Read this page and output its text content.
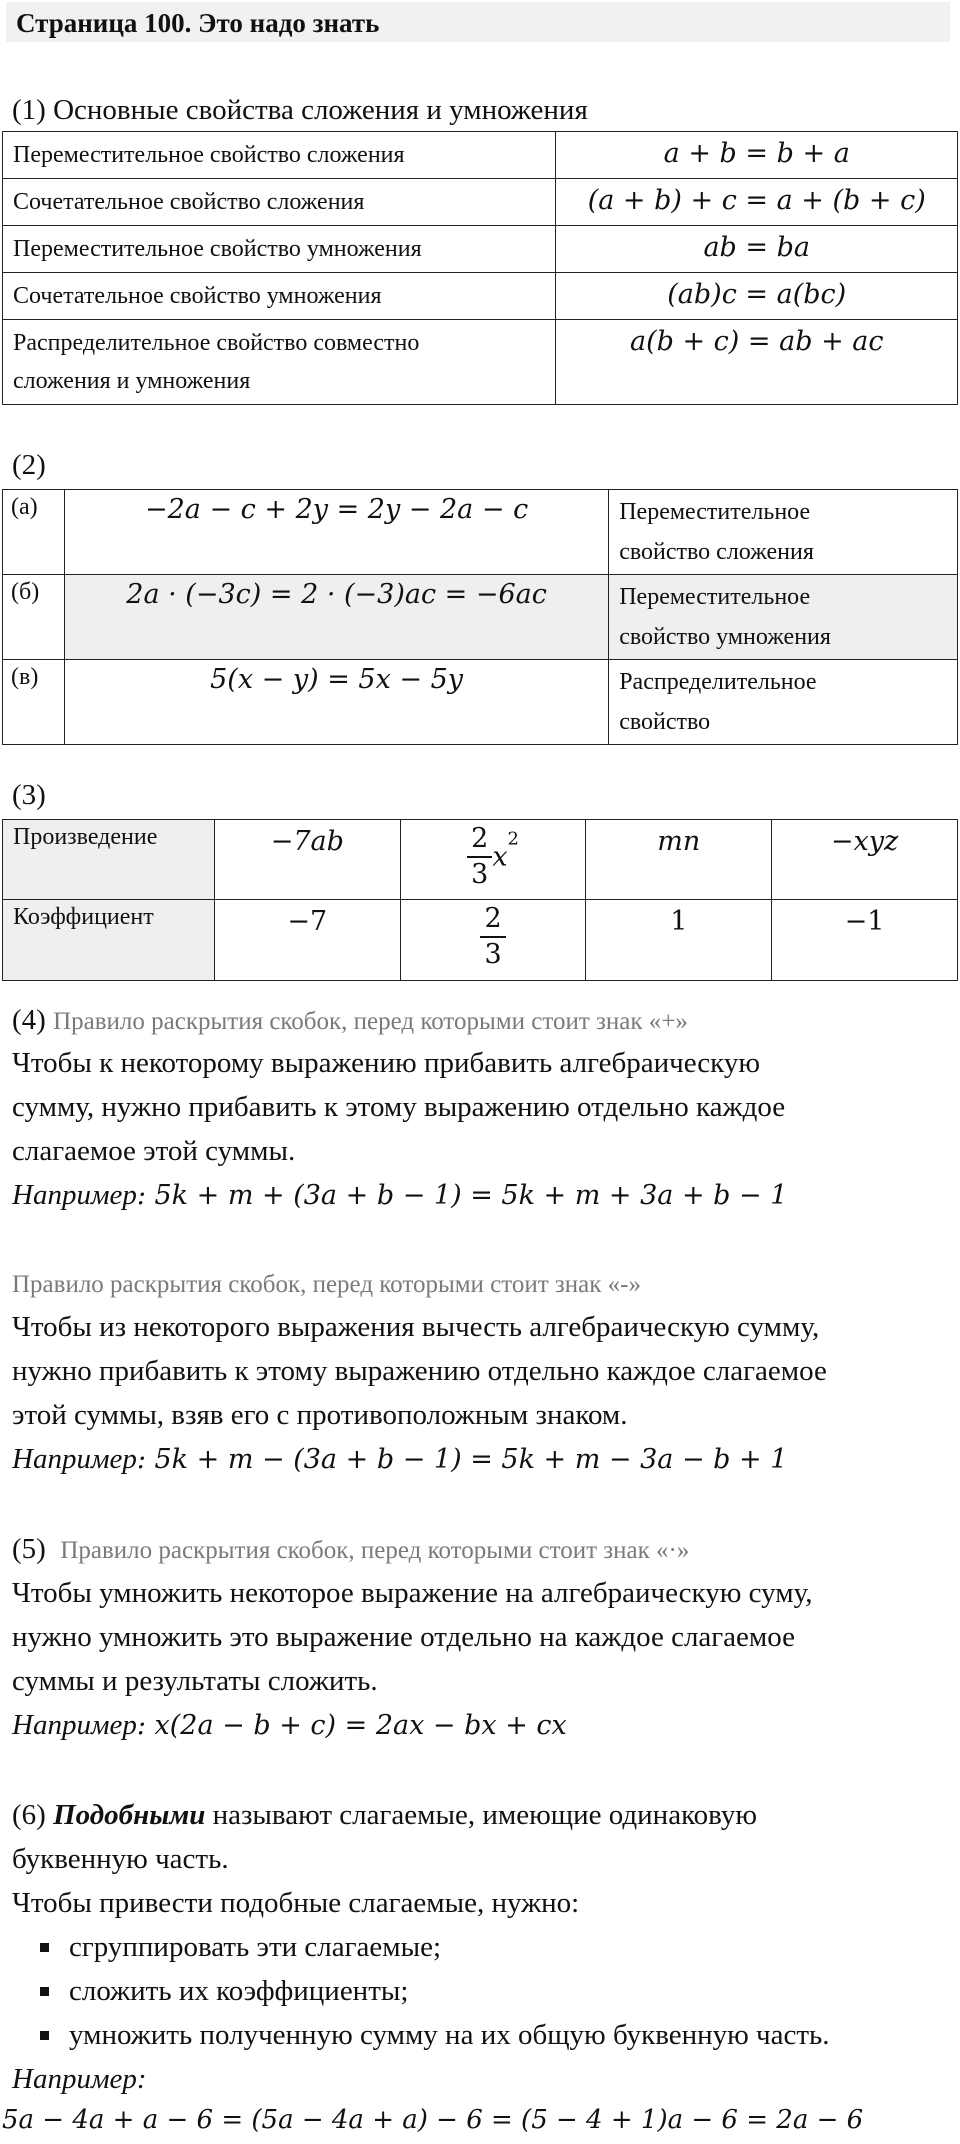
Страница 100. Это надо знать
(1) Основные свойства сложения и умножения
Переместительное свойство сложения	a + b = b + a
Сочетательное свойство сложения	(a + b) + c = a + (b + c)
Переместительное свойство умножения	ab = ba
Сочетательное свойство умножения	(ab)c = a(bc)
Распределительное свойство совместно
сложения и умножения	a(b + c) = ab + ac
(2)
(а)	−2a − c + 2y = 2y − 2a − c	Переместительное
свойство сложения
(б)	2a · (−3c) = 2 · (−3)ac = −6ac	Переместительное
свойство умножения
(в)	5(x − y) = 5x − 5y	Распределительное
свойство
(3)
Произведение	−7ab	$\frac{2}{3} x^2$	mn	−xyz
Коэффициент	−7	$\frac{2}{3}$	1	−1
(4) Правило раскрытия скобок, перед которыми стоит знак «+»
Чтобы к некоторому выражению прибавить алгебраическую
сумму, нужно прибавить к этому выражению отдельно каждое
слагаемое этой суммы.
Например: 5k + m + (3a + b − 1) = 5k + m + 3a + b − 1
Правило раскрытия скобок, перед которыми стоит знак «-»
Чтобы из некоторого выражения вычесть алгебраическую сумму,
нужно прибавить к этому выражению отдельно каждое слагаемое
этой суммы, взяв его с противоположным знаком.
Например: 5k + m − (3a + b − 1) = 5k + m − 3a − b + 1
(5) Правило раскрытия скобок, перед которыми стоит знак «·»
Чтобы умножить некоторое выражение на алгебраическую суму,
нужно умножить это выражение отдельно на каждое слагаемое
суммы и результаты сложить.
Например: x(2a − b + c) = 2ax − bx + cx
(6) Подобными называют слагаемые, имеющие одинаковую
буквенную часть.
Чтобы привести подобные слагаемые, нужно:
сгруппировать эти слагаемые;
сложить их коэффициенты;
умножить полученную сумму на их общую буквенную часть.
Например:
5a − 4a + a − 6 = (5a − 4a + a) − 6 = (5 − 4 + 1)a − 6 = 2a − 6
